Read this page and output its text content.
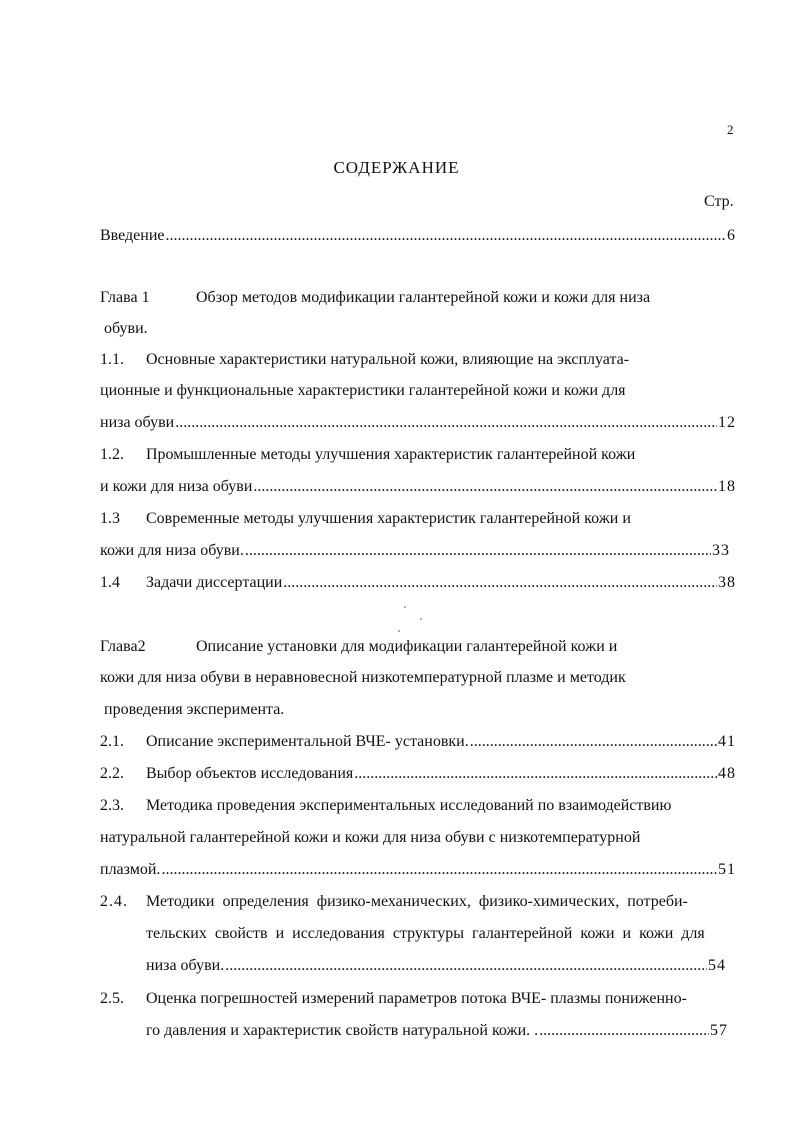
2
СОДЕРЖАНИЕ
Стр.
Введение . . .	6
Глава 1	Обзор методов модификации галантерейной кожи и кожи для низа
обуви.
1.1. Основные характеристики натуральной кожи, влияющие на эксплуата-
ционные и функциональные характеристики галантерейной кожи и кожи для
низа обуви . . .	12
1.2. Промышленные методы улучшения характеристик галантерейной кожи
и кожи для низа обуви . . .	18
1.3 Современные методы улучшения характеристик галантерейной кожи и
кожи для низа обуви. . . .	33
1.4 Задачи диссертации . . .	38
Глава2	Описание установки для модификации галантерейной кожи и
кожи для низа обуви в неравновесной низкотемпературной плазме и методик
проведения эксперимента.
2.1. Описание экспериментальной ВЧЕ- установки. . . .	41
2.2. Выбор объектов исследования . . .	48
2.3. Методика проведения экспериментальных исследований по взаимодействию
натуральной галантерейной кожи и кожи для низа обуви с низкотемпературной
плазмой. . . .	51
2.4. Методики  определения  физико-механических,  физико-химических,  потреби-
тельских  свойств  и  исследования  структуры  галантерейной  кожи  и  кожи  для
низа обуви. . . .	54
2.5. Оценка погрешностей измерений параметров потока ВЧЕ- плазмы пониженно-
го давления и характеристик свойств натуральной кожи. . . . .	57
